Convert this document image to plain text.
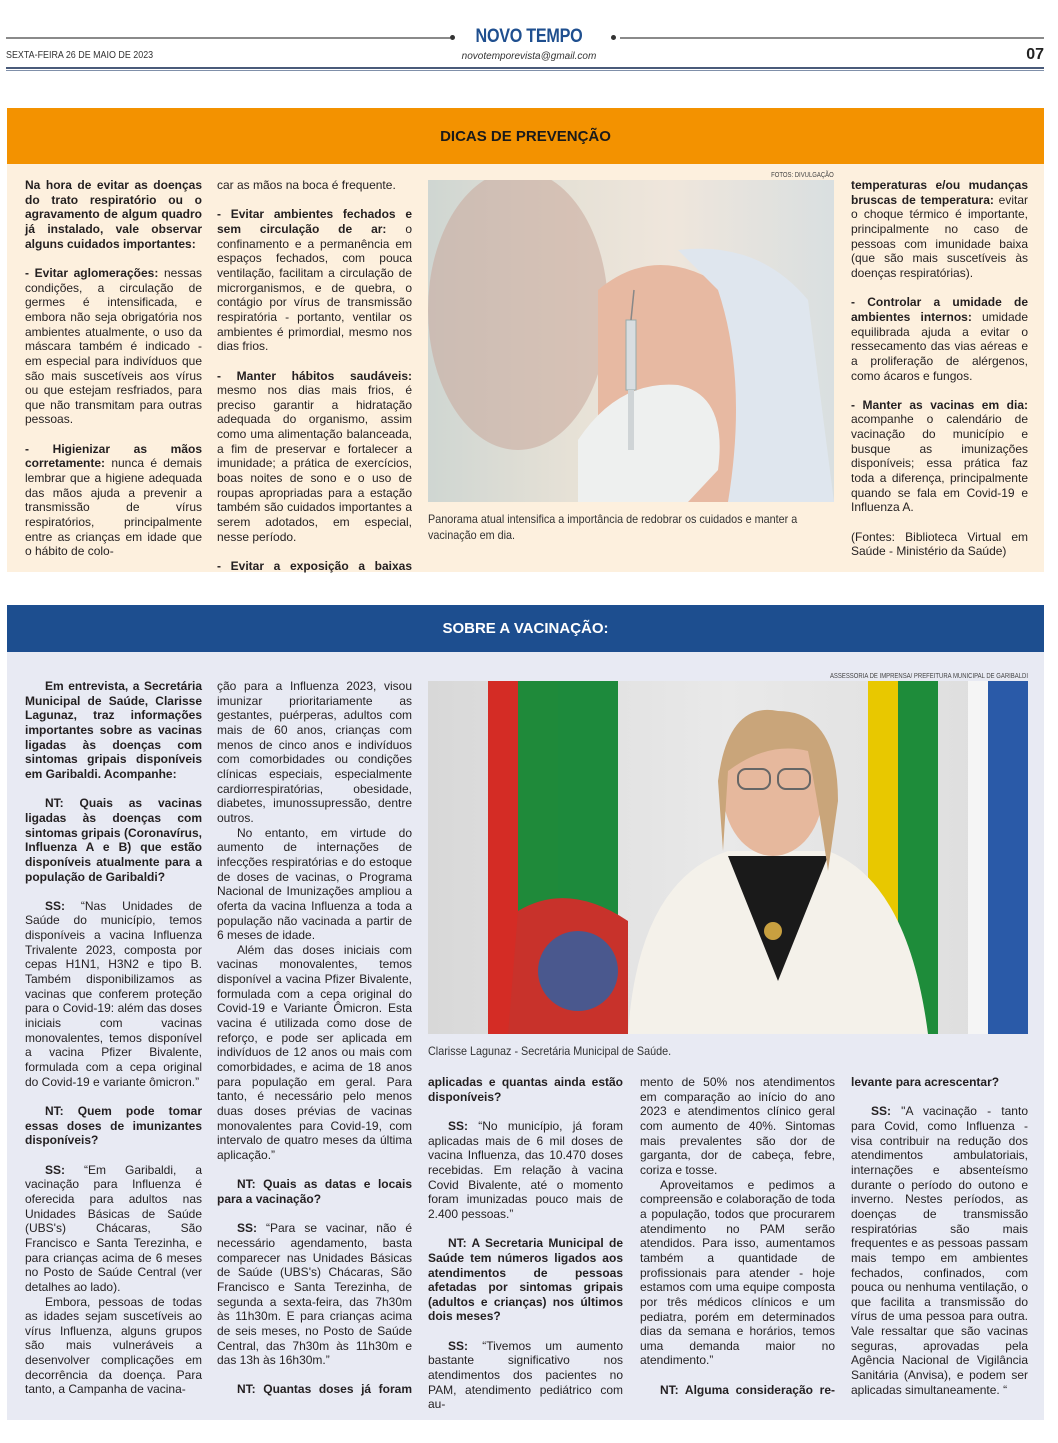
NOVO TEMPO
novotemporevista@gmail.com
SEXTA-FEIRA 26 DE MAIO DE 2023	07
DICAS DE PREVENÇÃO

Na hora de evitar as doenças do trato respiratório ou o agravamento de algum quadro já instalado, vale observar alguns cuidados importantes:

- Evitar aglomerações: nessas condições, a circulação de germes é intensificada, e embora não seja obrigatória nos ambientes atualmente, o uso da máscara também é indicado - em especial para indivíduos que são mais suscetíveis aos vírus ou que estejam resfriados, para que não transmitam para outras pessoas.

- Higienizar as mãos corretamente: nunca é demais lembrar que a higiene adequada das mãos ajuda a prevenir a transmissão de vírus respiratórios, principalmente entre as crianças em idade que o hábito de colo-

car as mãos na boca é frequente.

- Evitar ambientes fechados e sem circulação de ar: o confinamento e a permanência em espaços fechados, com pouca ventilação, facilitam a circulação de microrganismos, e de quebra, o contágio por vírus de transmissão respiratória - portanto, ventilar os ambientes é primordial, mesmo nos dias frios.

- Manter hábitos saudáveis: mesmo nos dias mais frios, é preciso garantir a hidratação adequada do organismo, assim como uma alimentação balanceada, a fim de preservar e fortalecer a imunidade; a prática de exercícios, boas noites de sono e o uso de roupas apropriadas para a estação também são cuidados importantes a serem adotados, em especial, nesse período.

- Evitar a exposição a baixas

FOTOS: DIVULGAÇÃO
Panorama atual intensifica a importância de redobrar os cuidados e manter a vacinação em dia.

temperaturas e/ou mudanças bruscas de temperatura: evitar o choque térmico é importante, principalmente no caso de pessoas com imunidade baixa (que são mais suscetíveis às doenças respiratórias).

- Controlar a umidade de ambientes internos: umidade equilibrada ajuda a evitar o ressecamento das vias aéreas e a proliferação de alérgenos, como ácaros e fungos.

- Manter as vacinas em dia: acompanhe o calendário de vacinação do município e busque as imunizações disponíveis; essa prática faz toda a diferença, principalmente quando se fala em Covid-19 e Influenza A.

(Fontes: Biblioteca Virtual em Saúde - Ministério da Saúde)

SOBRE A VACINAÇÃO:

Em entrevista, a Secretária Municipal de Saúde, Clarisse Lagunaz, traz informações importantes sobre as vacinas ligadas às doenças com sintomas gripais disponíveis em Garibaldi. Acompanhe:

NT: Quais as vacinas ligadas às doenças com sintomas gripais (Coronavírus, Influenza A e B) que estão disponíveis atualmente para a população de Garibaldi?

SS: “Nas Unidades de Saúde do município, temos disponíveis a vacina Influenza Trivalente 2023, composta por cepas H1N1, H3N2 e tipo B. Também disponibilizamos as vacinas que conferem proteção para o Covid-19: além das doses iniciais com vacinas monovalentes, temos disponível a vacina Pfizer Bivalente, formulada com a cepa original do Covid-19 e variante ômicron.”

NT: Quem pode tomar essas doses de imunizantes disponíveis?

SS: “Em Garibaldi, a vacinação para Influenza é oferecida para adultos nas Unidades Básicas de Saúde (UBS's) Chácaras, São Francisco e Santa Terezinha, e para crianças acima de 6 meses no Posto de Saúde Central (ver detalhes ao lado).

Embora, pessoas de todas as idades sejam suscetíveis ao vírus Influenza, alguns grupos são mais vulneráveis a desenvolver complicações em decorrência da doença. Para tanto, a Campanha de vacina-

ção para a Influenza 2023, visou imunizar prioritariamente as gestantes, puérperas, adultos com mais de 60 anos, crianças com menos de cinco anos e indivíduos com comorbidades ou condições clínicas especiais, especialmente cardiorrespiratórias, obesidade, diabetes, imunossupressão, dentre outros.

No entanto, em virtude do aumento de internações de infecções respiratórias e do estoque de doses de vacinas, o Programa Nacional de Imunizações ampliou a oferta da vacina Influenza a toda a população não vacinada a partir de 6 meses de idade.

Além das doses iniciais com vacinas monovalentes, temos disponível a vacina Pfizer Bivalente, formulada com a cepa original do Covid-19 e Variante Ômicron. Esta vacina é utilizada como dose de reforço, e pode ser aplicada em indivíduos de 12 anos ou mais com comorbidades, e acima de 18 anos para população em geral. Para tanto, é necessário pelo menos duas doses prévias de vacinas monovalentes para Covid-19, com intervalo de quatro meses da última aplicação.”

NT: Quais as datas e locais para a vacinação?

SS: “Para se vacinar, não é necessário agendamento, basta comparecer nas Unidades Básicas de Saúde (UBS's) Chácaras, São Francisco e Santa Terezinha, de segunda a sexta-feira, das 7h30m às 11h30m. E para crianças acima de seis meses, no Posto de Saúde Central, das 7h30m às 11h30m e das 13h às 16h30m.”

NT: Quantas doses já foram

ASSESSORIA DE IMPRENSA/ PREFEITURA MUNICIPAL DE GARIBALDI
Clarisse Lagunaz - Secretária Municipal de Saúde.

aplicadas e quantas ainda estão disponíveis?

SS: “No município, já foram aplicadas mais de 6 mil doses de vacina Influenza, das 10.470 doses recebidas. Em relação à vacina Covid Bivalente, até o momento foram imunizadas pouco mais de 2.400 pessoas.”

NT: A Secretaria Municipal de Saúde tem números ligados aos atendimentos de pessoas afetadas por sintomas gripais (adultos e crianças) nos últimos dois meses?

SS: “Tivemos um aumento bastante significativo nos atendimentos dos pacientes no PAM, atendimento pediátrico com au-

mento de 50% nos atendimentos em comparação ao início do ano 2023 e atendimentos clínico geral com aumento de 40%. Sintomas mais prevalentes são dor de garganta, dor de cabeça, febre, coriza e tosse.

Aproveitamos e pedimos a compreensão e colaboração de toda a população, todos que procurarem atendimento no PAM serão atendidos. Para isso, aumentamos também a quantidade de profissionais para atender - hoje estamos com uma equipe composta por três médicos clínicos e um pediatra, porém em determinados dias da semana e horários, temos uma demanda maior no atendimento.”

NT: Alguma consideração re-

levante para acrescentar?

SS: "A vacinação - tanto para Covid, como Influenza - visa contribuir na redução dos atendimentos ambulatoriais, internações e absenteísmo durante o período do outono e inverno. Nestes períodos, as doenças de transmissão respiratórias são mais frequentes e as pessoas passam mais tempo em ambientes fechados, confinados, com pouca ou nenhuma ventilação, o que facilita a transmissão do vírus de uma pessoa para outra. Vale ressaltar que são vacinas seguras, aprovadas pela Agência Nacional de Vigilância Sanitária (Anvisa), e podem ser aplicadas simultaneamente. “
